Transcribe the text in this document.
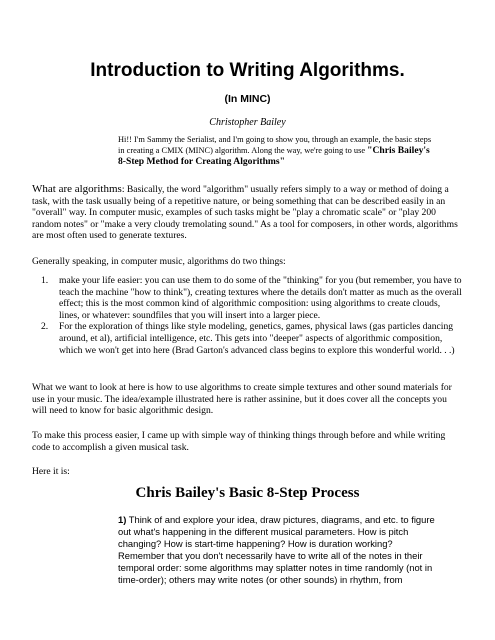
Introduction to Writing Algorithms.
(In MINC)
Christopher Bailey

Hi!! I'm Sammy the Serialist, and I'm going to show you, through an example, the basic steps in creating a CMIX (MINC) algorithm. Along the way, we're going to use "Chris Bailey's 8-Step Method for Creating Algorithms"

What are algorithms: Basically, the word "algorithm" usually refers simply to a way or method of doing a task, with the task usually being of a repetitive nature, or being something that can be described easily in an "overall" way. In computer music, examples of such tasks might be "play a chromatic scale" or "play 200 random notes" or "make a very cloudy tremolating sound." As a tool for composers, in other words, algorithms are most often used to generate textures.

Generally speaking, in computer music, algorithms do two things:

1. make your life easier: you can use them to do some of the "thinking" for you (but remember, you have to teach the machine "how to think"), creating textures where the details don't matter as much as the overall effect; this is the most common kind of algorithmic composition: using algorithms to create clouds, lines, or whatever: soundfiles that you will insert into a larger piece.
2. For the exploration of things like style modeling, genetics, games, physical laws (gas particles dancing around, et al), artificial intelligence, etc. This gets into "deeper" aspects of algorithmic composition, which we won't get into here (Brad Garton's advanced class begins to explore this wonderful world. . .)

What we want to look at here is how to use algorithms to create simple textures and other sound materials for use in your music. The idea/example illustrated here is rather assinine, but it does cover all the concepts you will need to know for basic algorithmic design.

To make this process easier, I came up with simple way of thinking things through before and while writing code to accomplish a given musical task.

Here it is:

Chris Bailey's Basic 8-Step Process

1) Think of and explore your idea, draw pictures, diagrams, and etc. to figure out what's happening in the different musical parameters. How is pitch changing? How is start-time happening? How is duration working? Remember that you don't necessarily have to write all of the notes in their temporal order: some algorithms may splatter notes in time randomly (not in time-order); others may write notes (or other sounds) in rhythm, from
